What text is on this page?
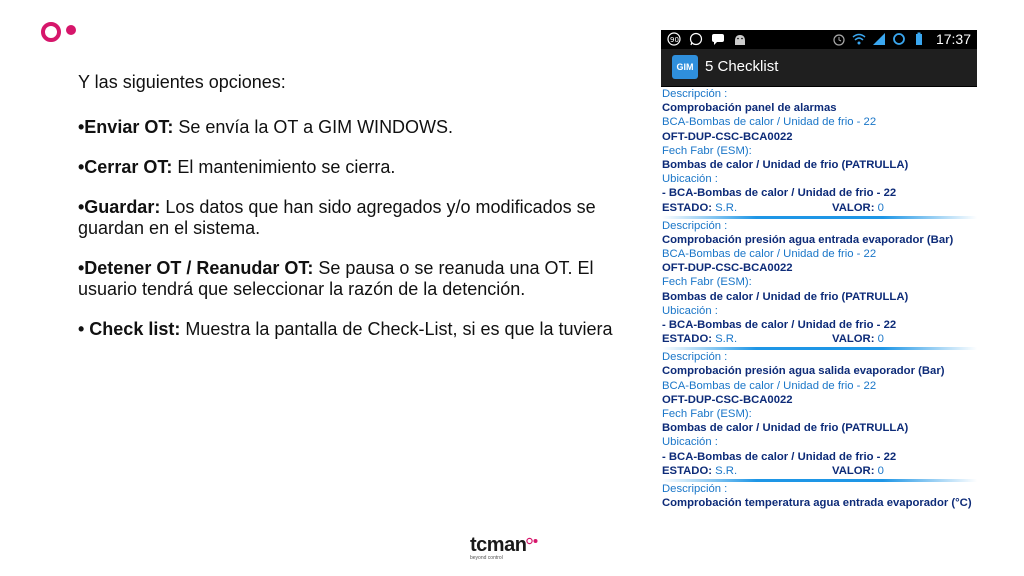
Y las siguientes opciones:

•Enviar OT: Se envía la OT a GIM WINDOWS.

•Cerrar OT: El mantenimiento se cierra.

•Guardar: Los datos que han sido agregados y/o modificados se guardan en el sistema.

•Detener OT / Reanudar OT: Se pausa o se reanuda una OT. El usuario tendrá que seleccionar la razón de la detención.

• Check list: Muestra la pantalla de Check-List, si es que la tuviera

90	17:37
GIM 5 Checklist
Descripción :
Comprobación panel de alarmas
BCA-Bombas de calor / Unidad de frio - 22
OFT-DUP-CSC-BCA0022
Fech Fabr (ESM):
Bombas de calor / Unidad de frio (PATRULLA)
Ubicación :
- BCA-Bombas de calor / Unidad de frio - 22
ESTADO: S.R.	VALOR: 0
Descripción :
Comprobación presión agua entrada evaporador (Bar)
BCA-Bombas de calor / Unidad de frio - 22
OFT-DUP-CSC-BCA0022
Fech Fabr (ESM):
Bombas de calor / Unidad de frio (PATRULLA)
Ubicación :
- BCA-Bombas de calor / Unidad de frio - 22
ESTADO: S.R.	VALOR: 0
Descripción :
Comprobación presión agua salida evaporador (Bar)
BCA-Bombas de calor / Unidad de frio - 22
OFT-DUP-CSC-BCA0022
Fech Fabr (ESM):
Bombas de calor / Unidad de frio (PATRULLA)
Ubicación :
- BCA-Bombas de calor / Unidad de frio - 22
ESTADO: S.R.	VALOR: 0
Descripción :
Comprobación temperatura agua entrada evaporador (°C)
tcman
beyond control
